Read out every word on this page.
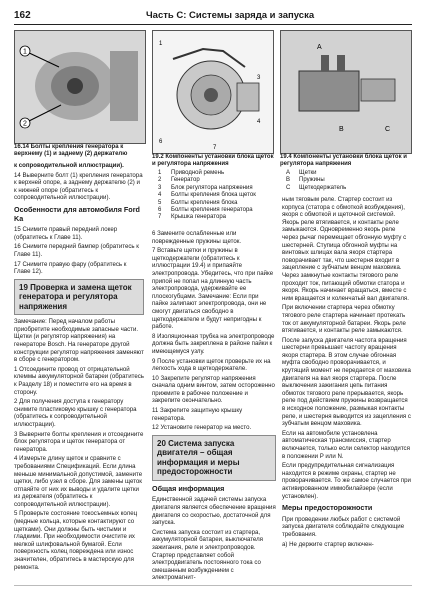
162	Часть С: Системы заряда и запуска
1
2
16.14 Болты крепления генератора к верхнему (1) и заднему (2) держателю
1
3
4
6
7
19.2 Компоненты установки блока щеток и регулятора напряжения
A
B	C
19.4 Компоненты установки блока щеток и регулятора напряжения
1 Приводной ремень
2 Генератор
3 Блок регулятора напряжения
4 Болты крепления блока щеток
5 Болты крепления блока
6 Болты крепления генератора
7 Крышка генератора
A Щетки
B Пружины
C Щеткодержатель

к сопроводительной иллюстрации).

14 Выверните болт (1) крепления генератора к верхней опоре, а заднему держателю (2) и к нижней опоре (обратитесь к сопроводительной иллюстрации).

Особенности для автомобиля Ford Ka

15 Снимите правый передний локер (обратитесь к Главе 11).

16 Снимите передний бампер (обратитесь к Главе 11).

17 Снимите правую фару (обратитесь к Главе 12).

19 Проверка и замена щеток генератора и регулятора напряжения

Замечание: Перед началом работы приобретите необходимые запасные части. Щетки (и регулятор напряжения) на генераторе Bosch. На генераторе другой конструкции регулятор напряжения заменяют в сборе с генератором.

1 Отсоедините провод от отрицательной клеммы аккумуляторной батареи (обратитесь к Разделу 18) и поместите его на время в сторону.

2 Для получения доступа к генератору снимите пластиковую крышку с генератора (обратитесь к сопроводительной иллюстрации).

3 Выверните болты крепления и отсоедините блок регулятора и щеток генератора от генератора.

4 Измерьте длину щеток и сравните с требованиями Спецификаций. Если длина меньше минимальной допустимой, замените щетки, либо узел в сборе. Для замены щеток отпаяйте от них их выводы и удалите щетки из держателя (обратитесь к сопроводительной иллюстрации).

5 Проверьте состояние токосъемных колец (медные кольца, которые контактируют со щетками). Они должны быть чистыми и гладкими. При необходимости очистите их мелкой шлифовальной бумагой. Если поверхность колец повреждена или износ значителен, обратитесь в мастерскую для ремонта.

6 Замените ослабленные или поврежденные пружины щеток.

7 Вставьте щетки и пружины в щеткодержатели (обратитесь к иллюстрации 19.4) и припаяйте электропровода. Убедитесь, что при пайке припой не попал на длинную часть электропровода, удерживайте ее плоскогубцами. Замечание: Если при пайке залипают электропровода, они не смогут двигаться свободно в щеткодержателе и будут непригодны к работе.

8 Изоляционная трубка на электропроводе должна быть закреплена в районе пайки к имеющемуся узлу.

9 После установки щеток проверьте их на легкость хода в щеткодержателе.

10 Закрепите регулятор напряжения сначала одним винтом, затем остороженно прижмите в рабочее положение и закрепите окончательно.

11 Закрепите защитную крышку генератора.

12 Установите генератор на место.

20 Система запуска двигателя – общая информация и меры предосторожности
Общая информация

Единственной задачей системы запуска двигателя является обеспечение вращения двигателя со скоростью, достаточной для запуска.

Система запуска состоит из стартера, аккумуляторной батареи, выключателя зажигания, реле и электропроводов. Стартер представляет собой электродвигатель постоянного тока со смешанным возбуждением с электромагнит-

ным тяговым реле. Стартер состоит из корпуса (статора с обмоткой возбуждения), якоря с обмоткой и щеточной системой. Якорь реле втягивается, и контакты реле замыкаются. Одновременно якорь реле через рычаг перемещает обгонную муфту с шестерней. Ступица обгонной муфты на винтовых шлицах вала якоря стартера поворачивает так, что шестерня входит в зацепление с зубчатым венцом маховика. Через замкнутые контакты тягового реле проходит ток, питающий обмотки статора и якоря. Якорь начинает вращаться, вместе с ним вращается и коленчатый вал двигателя.

При включении стартера через обмотку тягового реле стартера начинает протекать ток от аккумуляторной батареи. Якорь реле втягивается, и контакты реле замыкаются.

После запуска двигателя частота вращения шестерни превышает частоту вращения якоря стартера. В этом случае обгонная муфта свободно проворачивается, и крутящий момент не передается от маховика двигателя на вал якоря стартера. После выключения зажигания цепь питания обмоток тягового реле прерывается, якорь реле под действием пружины возвращается в исходное положение, размыкая контакты реле, и шестерня выводится из зацепления с зубчатым венцом маховика.

Если на автомобиле установлена автоматическая трансмиссия, стартер включается, только если селектор находится в положении P или N.

Если предупредительная сигнализация находится в режиме охраны, стартер не проворачивается. То же самое случается при активированном иммобилайзере (если установлен).

Меры предосторожности

При проведении любых работ с системой запуска двигателя соблюдайте следующие требования.

а) Не держите стартер включен-
